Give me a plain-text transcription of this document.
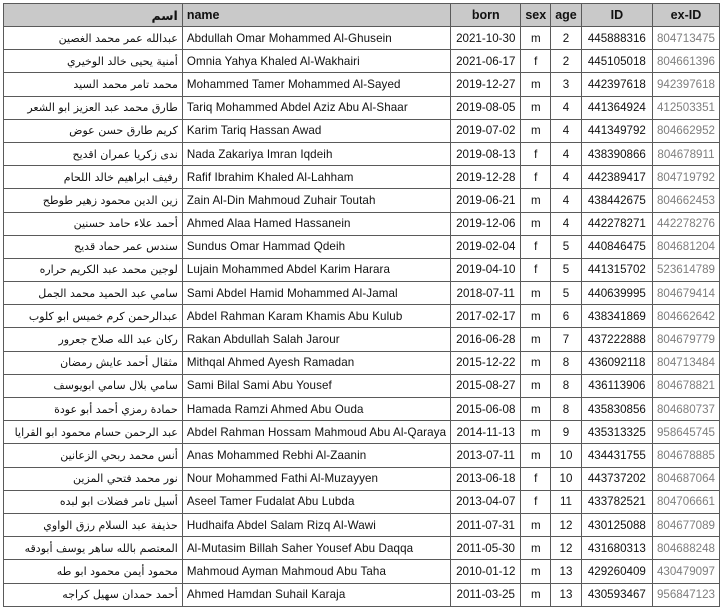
اسم	name	born	sex	age	ID	ex-ID
عبدالله عمر محمد الغصين	Abdullah Omar Mohammed Al-Ghusein	2021-10-30	m	2	445888316	804713475
أمنية يحيى خالد الوخيري	Omnia Yahya Khaled Al-Wakhairi	2021-06-17	f	2	445105018	804661396
محمد تامر محمد السيد	Mohammed Tamer Mohammed Al-Sayed	2019-12-27	m	3	442397618	942397618
طارق محمد عبد العزيز ابو الشعر	Tariq Mohammed Abdel Aziz Abu Al-Shaar	2019-08-05	m	4	441364924	412503351
كريم طارق حسن عوض	Karim Tariq Hassan Awad	2019-07-02	m	4	441349792	804662952
ندى زكريا عمران اقديح	Nada Zakariya Imran Iqdeih	2019-08-13	f	4	438390866	804678911
رفيف ابراهيم خالد اللحام	Rafif Ibrahim Khaled Al-Lahham	2019-12-28	f	4	442389417	804719792
زين الدين محمود زهير طوطح	Zain Al-Din Mahmoud Zuhair Toutah	2019-06-21	m	4	438442675	804662453
أحمد علاء حامد حسنين	Ahmed Alaa Hamed Hassanein	2019-12-06	m	4	442278271	442278276
سندس عمر حماد قديح	Sundus Omar Hammad Qdeih	2019-02-04	f	5	440846475	804681204
لوجين محمد عبد الكريم حراره	Lujain Mohammed Abdel Karim Harara	2019-04-10	f	5	441315702	523614789
سامي عبد الحميد محمد الجمل	Sami Abdel Hamid Mohammed Al-Jamal	2018-07-11	m	5	440639995	804679414
عبدالرحمن كرم خميس ابو كلوب	Abdel Rahman Karam Khamis Abu Kulub	2017-02-17	m	6	438341869	804662642
ركان عبد الله صلاح جعرور	Rakan Abdullah Salah Jarour	2016-06-28	m	7	437222888	804679779
مثقال أحمد عايش رمضان	Mithqal Ahmed Ayesh Ramadan	2015-12-22	m	8	436092118	804713484
سامي بلال سامي ابويوسف	Sami Bilal Sami Abu Yousef	2015-08-27	m	8	436113906	804678821
حمادة رمزي أحمد أبو عودة	Hamada Ramzi Ahmed Abu Ouda	2015-06-08	m	8	435830856	804680737
عبد الرحمن حسام محمود ابو القرايا	Abdel Rahman Hossam Mahmoud Abu Al-Qaraya	2014-11-13	m	9	435313325	958645745
أنس محمد ربحي الزعانين	Anas Mohammed Rebhi Al-Zaanin	2013-07-11	m	10	434431755	804678885
نور محمد فتحي المزين	Nour Mohammed Fathi Al-Muzayyen	2013-06-18	f	10	443737202	804687064
أسيل تامر فضلات ابو لبده	Aseel Tamer Fudalat Abu Lubda	2013-04-07	f	11	433782521	804706661
حذيفة عبد السلام رزق الواوي	Hudhaifa Abdel Salam Rizq Al-Wawi	2011-07-31	m	12	430125088	804677089
المعتصم بالله ساهر يوسف أبودقه	Al-Mutasim Billah Saher Yousef Abu Daqqa	2011-05-30	m	12	431680313	804688248
محمود أيمن محمود ابو طه	Mahmoud Ayman Mahmoud Abu Taha	2010-01-12	m	13	429260409	430479097
أحمد حمدان سهيل كراجه	Ahmed Hamdan Suhail Karaja	2011-03-25	m	13	430593467	956847123
